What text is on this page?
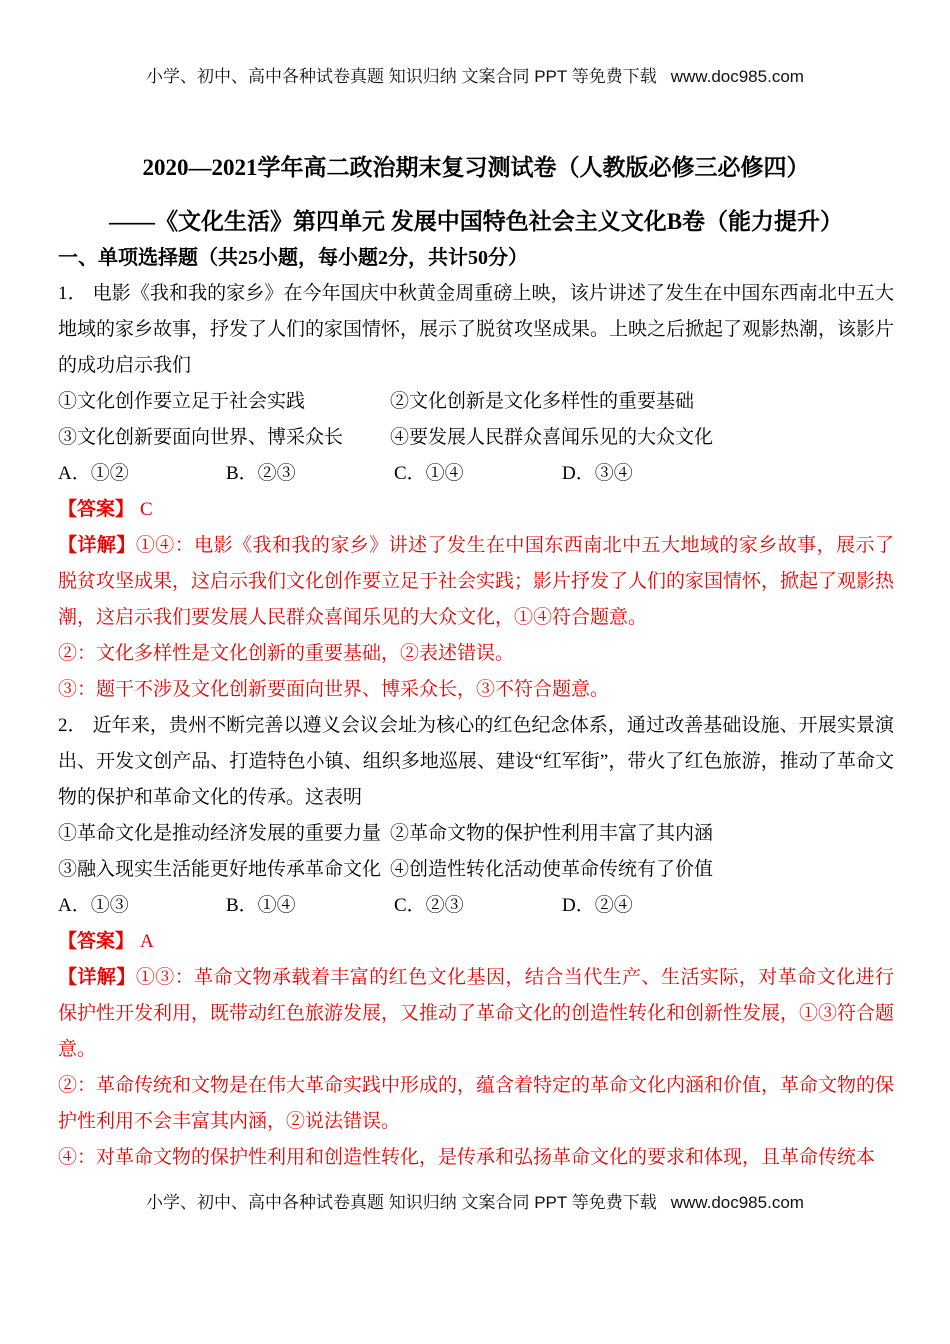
小学、初中、高中各种试卷真题 知识归纳 文案合同 PPT 等免费下载 www.doc985.com

2020—2021学年高二政治期末复习测试卷（人教版必修三必修四）

——《文化生活》第四单元 发展中国特色社会主义文化B卷（能力提升）

一、单项选择题（共25小题，每小题2分，共计50分）

1． 电影《我和我的家乡》在今年国庆中秋黄金周重磅上映，该片讲述了发生在中国东西南北中五大地域的家乡故事，抒发了人们的家国情怀，展示了脱贫攻坚成果。上映之后掀起了观影热潮，该影片的成功启示我们

①文化创作要立足于社会实践	②文化创新是文化多样性的重要基础
③文化创新要面向世界、博采众长 ④要发展人民群众喜闻乐见的大众文化
A．①②	B．②③	C．①④	D．③④

【答案】 C

【详解】①④：电影《我和我的家乡》讲述了发生在中国东西南北中五大地域的家乡故事，展示了脱贫攻坚成果，这启示我们文化创作要立足于社会实践；影片抒发了人们的家国情怀，掀起了观影热潮，这启示我们要发展人民群众喜闻乐见的大众文化，①④符合题意。

②：文化多样性是文化创新的重要基础，②表述错误。

③：题干不涉及文化创新要面向世界、博采众长，③不符合题意。

2． 近年来，贵州不断完善以遵义会议会址为核心的红色纪念体系，通过改善基础设施、开展实景演出、开发文创产品、打造特色小镇、组织多地巡展、建设“红军街”，带火了红色旅游，推动了革命文物的保护和革命文化的传承。这表明

①革命文化是推动经济发展的重要力量 ②革命文物的保护性利用丰富了其内涵
③融入现实生活能更好地传承革命文化 ④创造性转化活动使革命传统有了价值
A．①③	B．①④	C．②③	D．②④

【答案】 A

【详解】①③：革命文物承载着丰富的红色文化基因，结合当代生产、生活实际，对革命文化进行保护性开发利用，既带动红色旅游发展，又推动了革命文化的创造性转化和创新性发展，①③符合题意。

②：革命传统和文物是在伟大革命实践中形成的，蕴含着特定的革命文化内涵和价值，革命文物的保护性利用不会丰富其内涵，②说法错误。

④：对革命文物的保护性利用和创造性转化，是传承和弘扬革命文化的要求和体现，且革命传统本

小学、初中、高中各种试卷真题 知识归纳 文案合同 PPT 等免费下载 www.doc985.com
